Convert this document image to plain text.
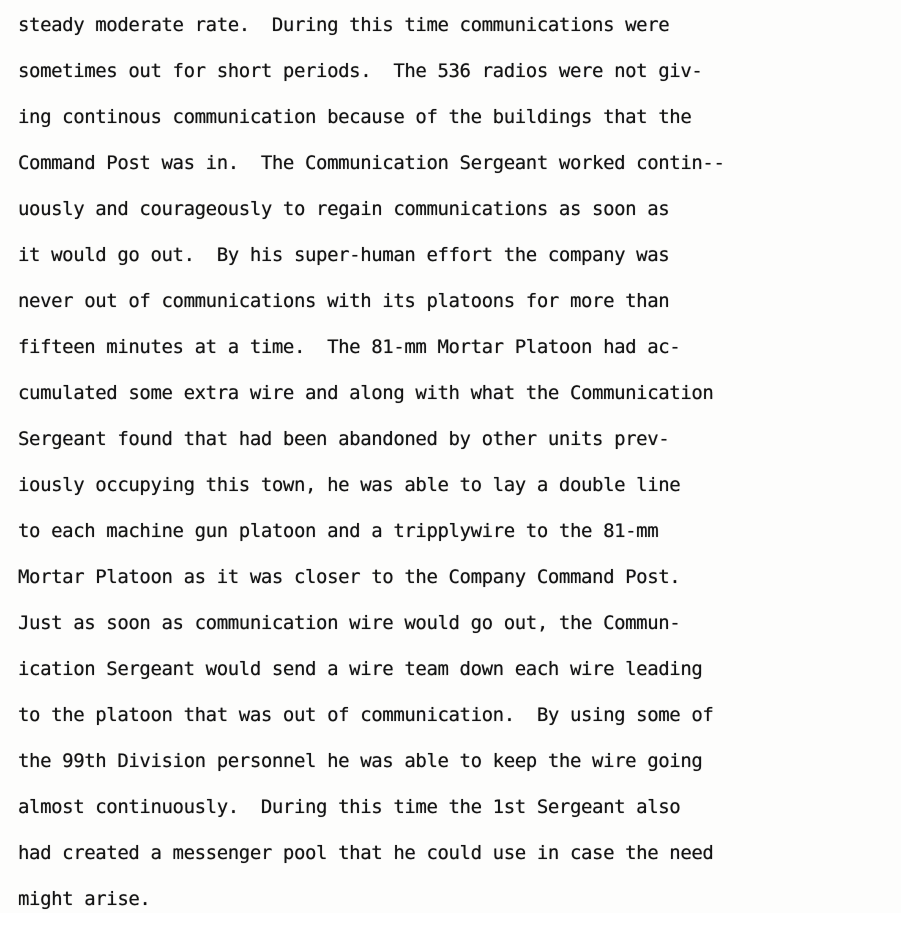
steady moderate rate.  During this time communications were
sometimes out for short periods.  The 536 radios were not giv-
ing continous communication because of the buildings that the
Command Post was in.  The Communication Sergeant worked contin--
uously and courageously to regain communications as soon as
it would go out.  By his super-human effort the company was
never out of communications with its platoons for more than
fifteen minutes at a time.  The 81-mm Mortar Platoon had ac-
cumulated some extra wire and along with what the Communication
Sergeant found that had been abandoned by other units prev-
iously occupying this town, he was able to lay a double line
to each machine gun platoon and a tripplywire to the 81-mm
Mortar Platoon as it was closer to the Company Command Post.
Just as soon as communication wire would go out, the Commun-
ication Sergeant would send a wire team down each wire leading
to the platoon that was out of communication.  By using some of
the 99th Division personnel he was able to keep the wire going
almost continuously.  During this time the 1st Sergeant also
had created a messenger pool that he could use in case the need
might arise.
